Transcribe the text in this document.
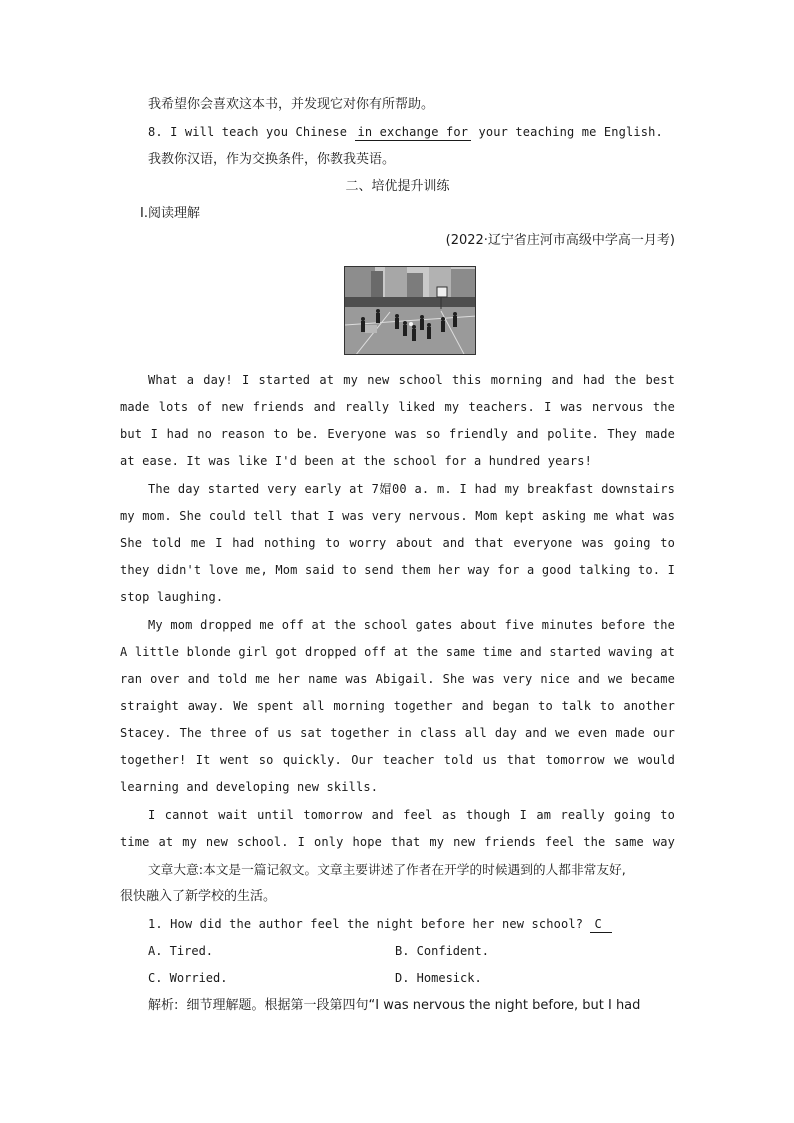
我希望你会喜欢这本书，并发现它对你有所帮助。
8. I will teach you Chinese in exchange for your teaching me English.
我教你汉语，作为交换条件，你教我英语。
二、培优提升训练
Ⅰ.阅读理解
(2022·辽宁省庄河市高级中学高一月考)
What a day! I started at my new school this morning and had the best
made lots of new friends and really liked my teachers. I was nervous the
but I had no reason to be. Everyone was so friendly and polite. They made
at ease. It was like I'd been at the school for a hundred years!
The day started very early at 7媢00 a. m. I had my breakfast downstairs
my mom. She could tell that I was very nervous. Mom kept asking me what was
She told me I had nothing to worry about and that everyone was going to
they didn't love me, Mom said to send them her way for a good talking to. I
stop laughing.
My mom dropped me off at the school gates about five minutes before the
A little blonde girl got dropped off at the same time and started waving at
ran over and told me her name was Abigail. She was very nice and we became
straight away. We spent all morning together and began to talk to another
Stacey. The three of us sat together in class all day and we even made our
together! It went so quickly. Our teacher told us that tomorrow we would
learning and developing new skills.
I cannot wait until tomorrow and feel as though I am really going to
time at my new school. I only hope that my new friends feel the same way
文章大意:本文是一篇记叙文。文章主要讲述了作者在开学的时候遇到的人都非常友好,
很快融入了新学校的生活。
1. How did the author feel the night before her new school? C
A. Tired.	B. Confident.
C. Worried.	D. Homesick.
解析: 细节理解题。根据第一段第四句“I was nervous the night before, but I had
